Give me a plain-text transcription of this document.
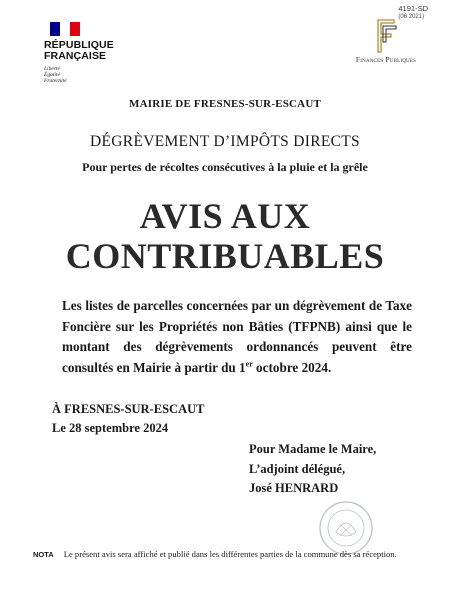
4191-SD
(06 2021)
RÉPUBLIQUE
FRANÇAISE
Liberté
Égalité
Fraternité
Finances Publiques
MAIRIE DE FRESNES-SUR-ESCAUT
DÉGRÈVEMENT D’IMPÔTS DIRECTS
Pour pertes de récoltes consécutives à la pluie et la grêle
AVIS AUX
CONTRIBUABLES
Les listes de parcelles concernées par un dégrèvement de Taxe Foncière sur les Propriétés non Bâties (TFPNB) ainsi que le montant des dégrèvements ordonnancés peuvent être consultés en Mairie à partir du 1er octobre 2024.
À FRESNES-SUR-ESCAUT
Le 28 septembre 2024
Pour Madame le Maire,
L’adjoint délégué,
José HENRARD
NOTA Le présent avis sera affiché et publié dans les différentes parties de la commune dès sa réception.
